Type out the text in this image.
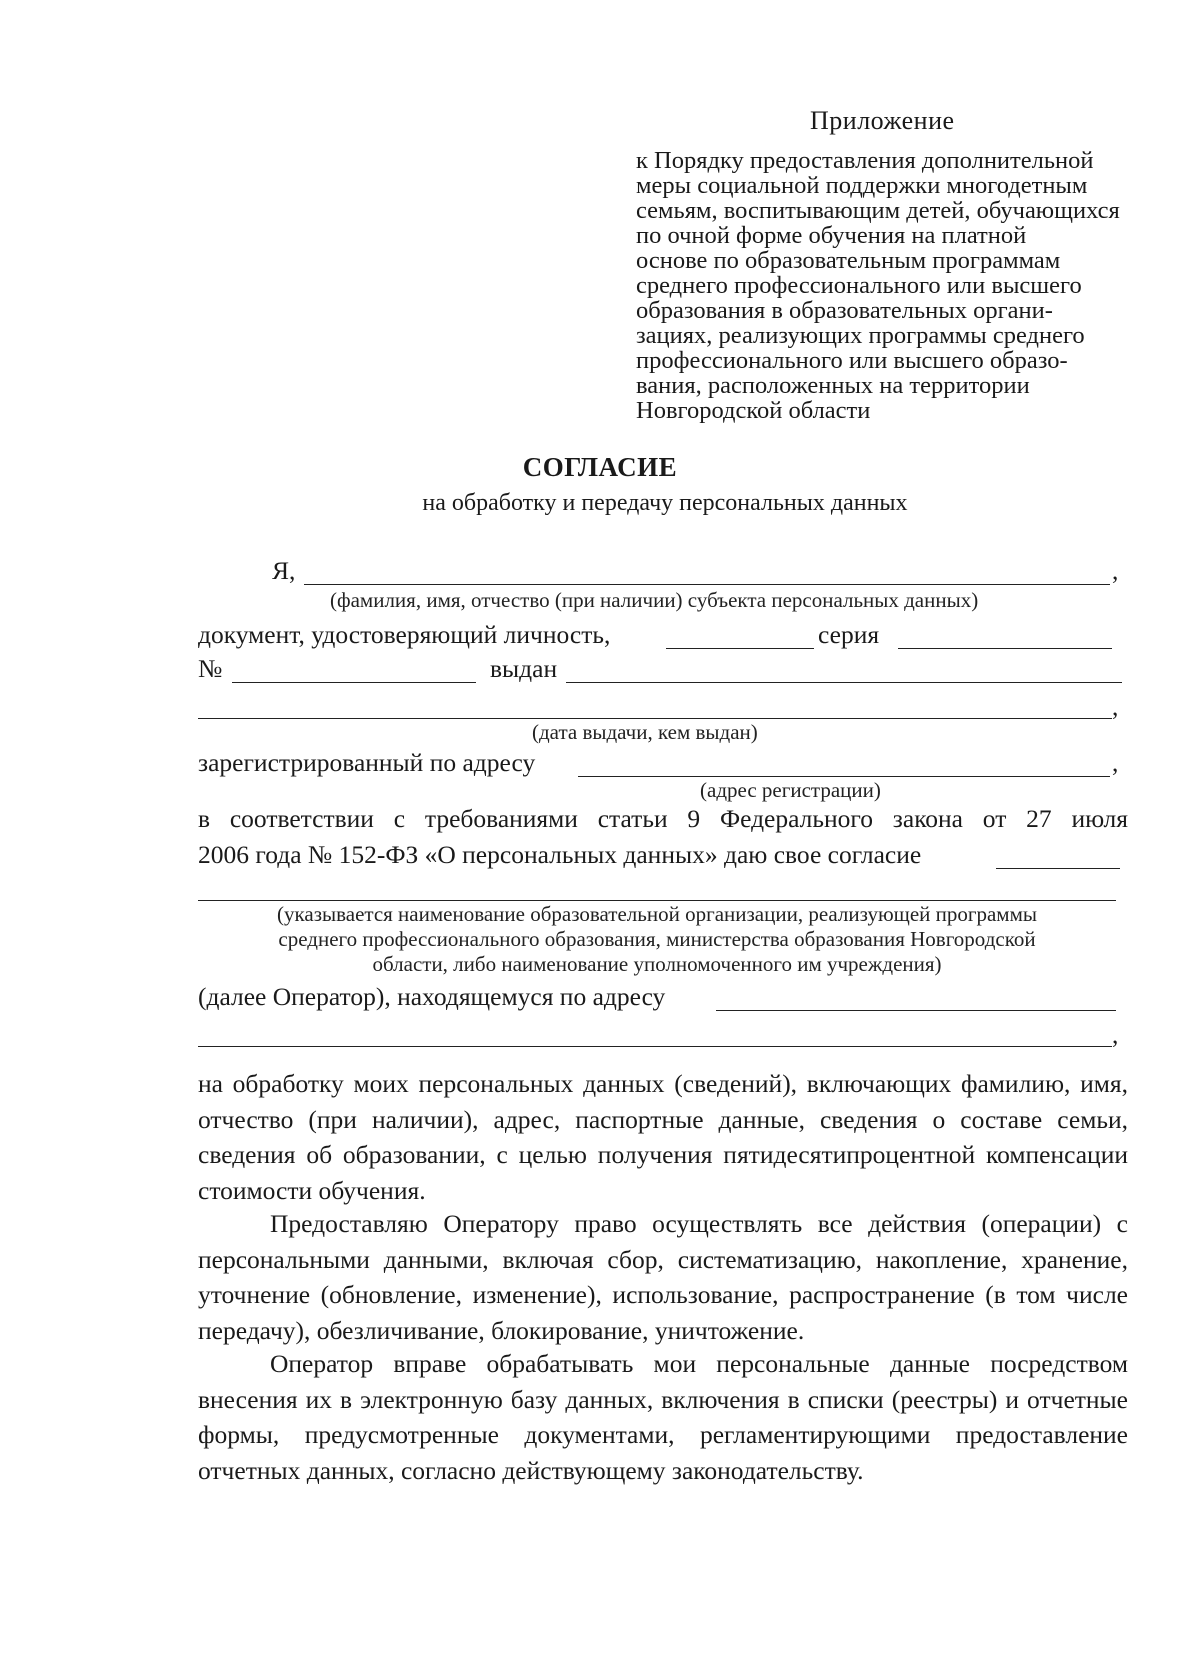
Приложение
к Порядку предоставления дополнительной
меры социальной поддержки многодетным
семьям, воспитывающим детей, обучающихся
по очной форме обучения на платной
основе по образовательным программам
среднего профессионального или высшего
образования в образовательных органи-
зациях, реализующих программы среднего
профессионального или высшего образо-
вания, расположенных на территории
Новгородской области
СОГЛАСИЕ
на обработку и передачу персональных данных
Я,	,
(фамилия, имя, отчество (при наличии) субъекта персональных данных)
документ, удостоверяющий личность,	серия
№	выдан
,
(дата выдачи, кем выдан)
зарегистрированный по адресу	,
(адрес регистрации)
в соответствии с требованиями статьи 9 Федерального закона от 27 июля
2006 года № 152-ФЗ «О персональных данных» даю свое согласие
(указывается наименование образовательной организации, реализующей программы
среднего профессионального образования, министерства образования Новгородской
области, либо наименование уполномоченного им учреждения)
(далее Оператор), находящемуся по адресу
,
на обработку моих персональных данных (сведений), включающих фамилию, имя, отчество (при наличии), адрес, паспортные данные, сведения о составе семьи, сведения об образовании, с целью получения пятидесятипроцентной компенсации стоимости обучения.
Предоставляю Оператору право осуществлять все действия (операции) с персональными данными, включая сбор, систематизацию, накопление, хранение, уточнение (обновление, изменение), использование, распространение (в том числе передачу), обезличивание, блокирование, уничтожение.
Оператор вправе обрабатывать мои персональные данные посредством внесения их в электронную базу данных, включения в списки (реестры) и отчетные формы, предусмотренные документами, регламентирующими предоставление отчетных данных, согласно действующему законодательству.
